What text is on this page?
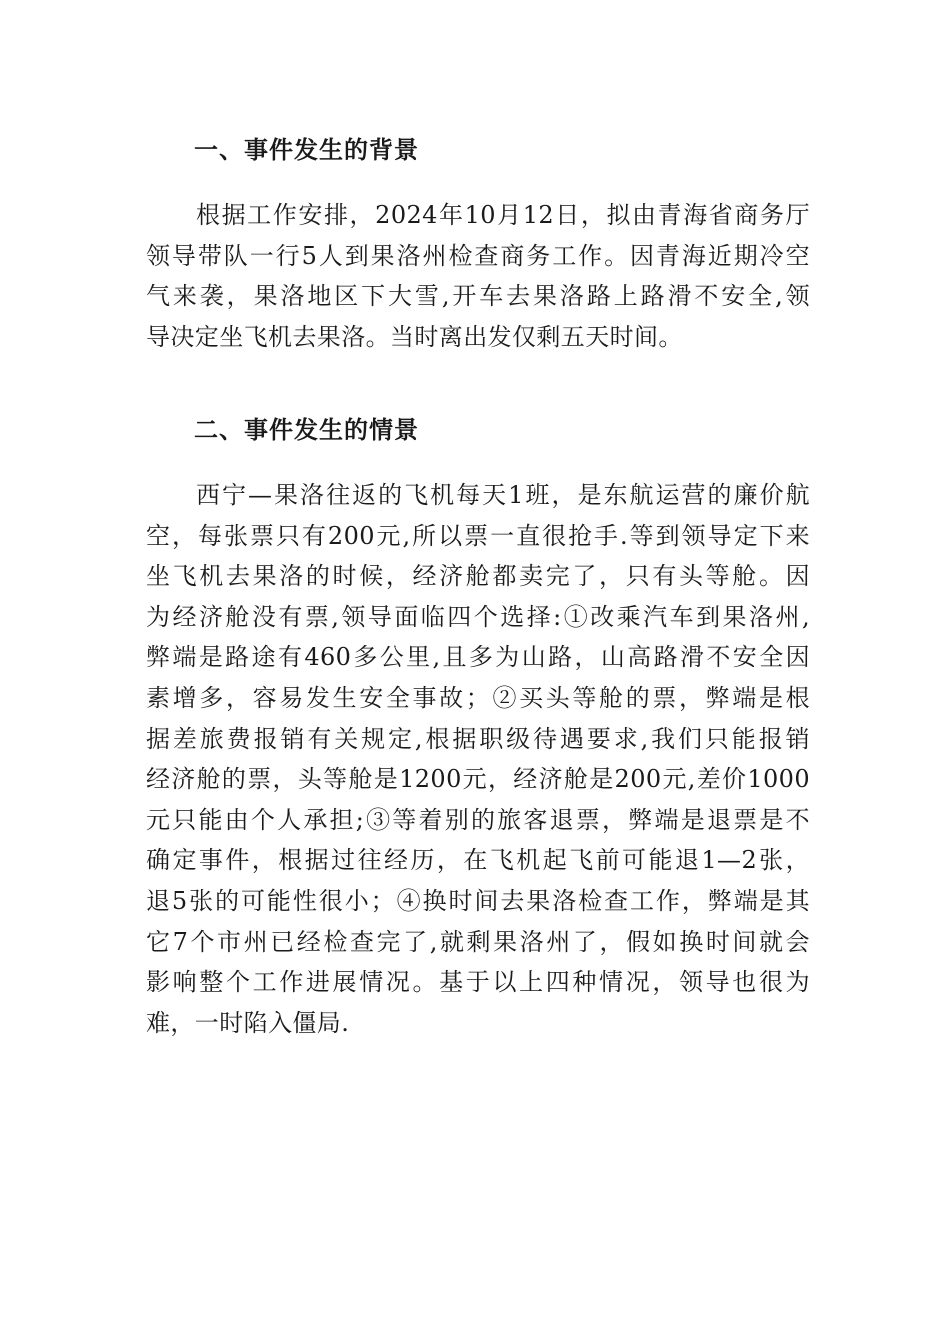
一、事件发生的背景
根据工作安排，2024年10月12日，拟由青海省商务厅
领导带队一行5人到果洛州检查商务工作。因青海近期冷空
气来袭，果洛地区下大雪,开车去果洛路上路滑不安全,领
导决定坐飞机去果洛。当时离出发仅剩五天时间。
二、事件发生的情景
西宁—果洛往返的飞机每天1班，是东航运营的廉价航
空，每张票只有200元,所以票一直很抢手.等到领导定下来
坐飞机去果洛的时候，经济舱都卖完了，只有头等舱。因
为经济舱没有票,领导面临四个选择:①改乘汽车到果洛州,
弊端是路途有460多公里,且多为山路，山高路滑不安全因
素增多，容易发生安全事故；②买头等舱的票，弊端是根
据差旅费报销有关规定,根据职级待遇要求,我们只能报销
经济舱的票，头等舱是1200元，经济舱是200元,差价1000
元只能由个人承担;③等着别的旅客退票，弊端是退票是不
确定事件，根据过往经历，在飞机起飞前可能退1—2张，
退5张的可能性很小；④换时间去果洛检查工作，弊端是其
它7个市州已经检查完了,就剩果洛州了，假如换时间就会
影响整个工作进展情况。基于以上四种情况，领导也很为
难，一时陷入僵局.
